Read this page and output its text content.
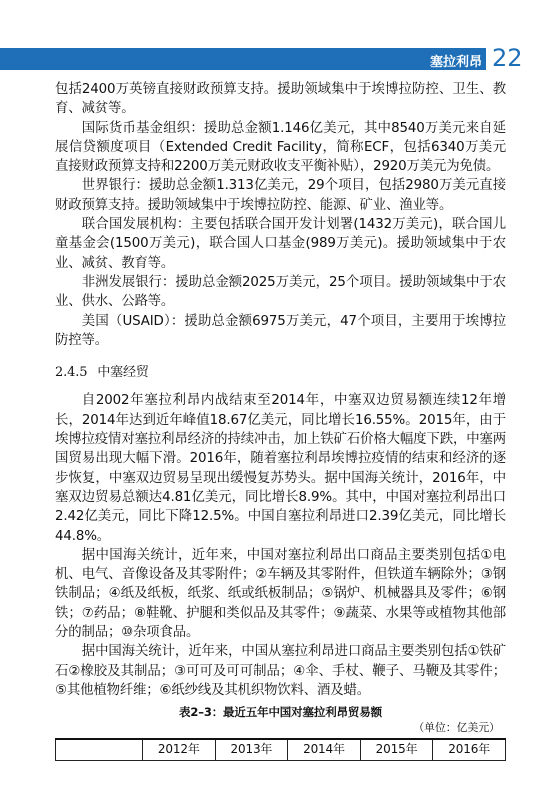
塞拉利昂 22

包括2400万英镑直接财政预算支持。援助领域集中于埃博拉防控、卫生、教育、减贫等。

国际货币基金组织：援助总金额1.146亿美元，其中8540万美元来自延展信贷额度项目（Extended Credit Facility，简称ECF，包括6340万美元直接财政预算支持和2200万美元财政收支平衡补贴），2920万美元为免债。

世界银行：援助总金额1.313亿美元，29个项目，包括2980万美元直接财政预算支持。援助领域集中于埃博拉防控、能源、矿业、渔业等。

联合国发展机构：主要包括联合国开发计划署(1432万美元)，联合国儿童基金会(1500万美元)，联合国人口基金(989万美元)。援助领域集中于农业、减贫、教育等。

非洲发展银行：援助总金额2025万美元，25个项目。援助领域集中于农业、供水、公路等。

美国（USAID）：援助总金额6975万美元，47个项目，主要用于埃博拉防控等。

2.4.5 中塞经贸

自2002年塞拉利昂内战结束至2014年，中塞双边贸易额连续12年增长，2014年达到近年峰值18.67亿美元，同比增长16.55%。2015年，由于埃博拉疫情对塞拉利昂经济的持续冲击，加上铁矿石价格大幅度下跌，中塞两国贸易出现大幅下滑。2016年，随着塞拉利昂埃博拉疫情的结束和经济的逐步恢复，中塞双边贸易呈现出缓慢复苏势头。据中国海关统计，2016年，中塞双边贸易总额达4.81亿美元，同比增长8.9%。其中，中国对塞拉利昂出口2.42亿美元，同比下降12.5%。中国自塞拉利昂进口2.39亿美元，同比增长44.8%。

据中国海关统计，近年来，中国对塞拉利昂出口商品主要类别包括①电机、电气、音像设备及其零附件；②车辆及其零附件，但铁道车辆除外；③钢铁制品；④纸及纸板，纸浆、纸或纸板制品；⑤锅炉、机械器具及零件；⑥钢铁；⑦药品；⑧鞋靴、护腿和类似品及其零件；⑨蔬菜、水果等或植物其他部分的制品；⑩杂项食品。

据中国海关统计，近年来，中国从塞拉利昂进口商品主要类别包括①铁矿石②橡胶及其制品；③可可及可可制品；④伞、手杖、鞭子、马鞭及其零件；⑤其他植物纤维；⑥纸纱线及其机织物饮料、酒及蜡。

表2–3：最近五年中国对塞拉利昂贸易额
（单位：亿美元）
	2012年	2013年	2014年	2015年	2016年
